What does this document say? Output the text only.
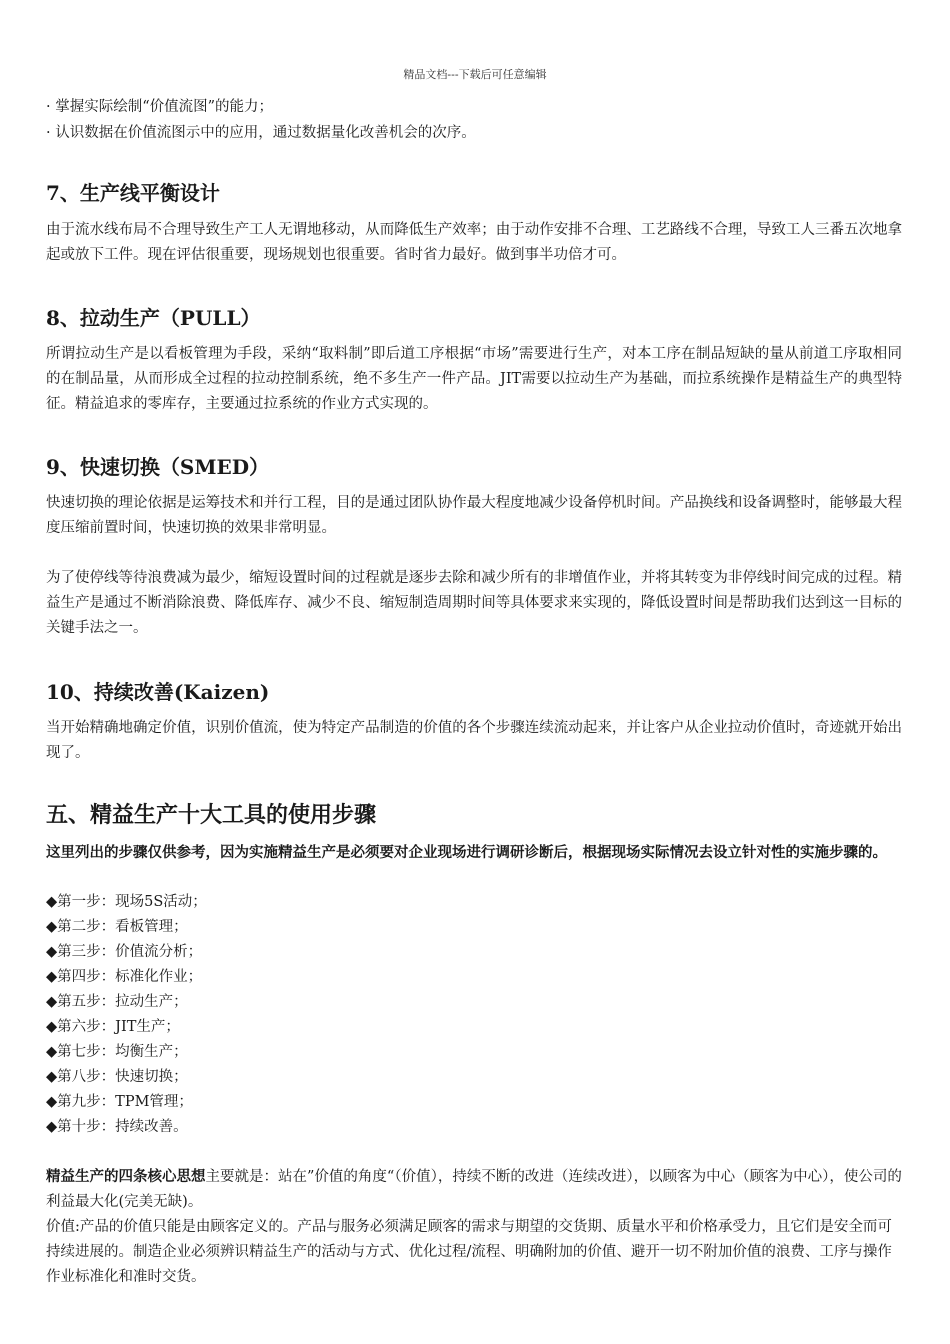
精品文档---下载后可任意编辑
· 掌握实际绘制“价值流图”的能力；
· 认识数据在价值流图示中的应用，通过数据量化改善机会的次序。
7、生产线平衡设计

由于流水线布局不合理导致生产工人无谓地移动，从而降低生产效率；由于动作安排不合理、工艺路线不合理，导致工人三番五次地拿起或放下工件。现在评估很重要，现场规划也很重要。省时省力最好。做到事半功倍才可。

8、拉动生产（PULL）

所谓拉动生产是以看板管理为手段，采纳“取料制”即后道工序根据“市场”需要进行生产，对本工序在制品短缺的量从前道工序取相同的在制品量，从而形成全过程的拉动控制系统，绝不多生产一件产品。JIT需要以拉动生产为基础，而拉系统操作是精益生产的典型特征。精益追求的零库存，主要通过拉系统的作业方式实现的。

9、快速切换（SMED）

快速切换的理论依据是运筹技术和并行工程，目的是通过团队协作最大程度地减少设备停机时间。产品换线和设备调整时，能够最大程度压缩前置时间，快速切换的效果非常明显。

为了使停线等待浪费减为最少，缩短设置时间的过程就是逐步去除和减少所有的非增值作业，并将其转变为非停线时间完成的过程。精益生产是通过不断消除浪费、降低库存、减少不良、缩短制造周期时间等具体要求来实现的，降低设置时间是帮助我们达到这一目标的关键手法之一。

10、持续改善(Kaizen)

当开始精确地确定价值，识别价值流，使为特定产品制造的价值的各个步骤连续流动起来，并让客户从企业拉动价值时，奇迹就开始出现了。

五、精益生产十大工具的使用步骤

这里列出的步骤仅供参考，因为实施精益生产是必须要对企业现场进行调研诊断后，根据现场实际情况去设立针对性的实施步骤的。

◆第一步：现场5S活动；
◆第二步：看板管理；
◆第三步：价值流分析；
◆第四步：标准化作业；
◆第五步：拉动生产；
◆第六步：JIT生产；
◆第七步：均衡生产；
◆第八步：快速切换；
◆第九步：TPM管理；
◆第十步：持续改善。

精益生产的四条核心思想主要就是：站在”价值的角度“（价值），持续不断的改进（连续改进），以顾客为中心（顾客为中心），使公司的利益最大化(完美无缺)。

价值:产品的价值只能是由顾客定义的。产品与服务必须满足顾客的需求与期望的交货期、质量水平和价格承受力，且它们是安全而可持续进展的。制造企业必须辨识精益生产的活动与方式、优化过程/流程、明确附加的价值、避开一切不附加价值的浪费、工序与操作作业标准化和准时交货。
